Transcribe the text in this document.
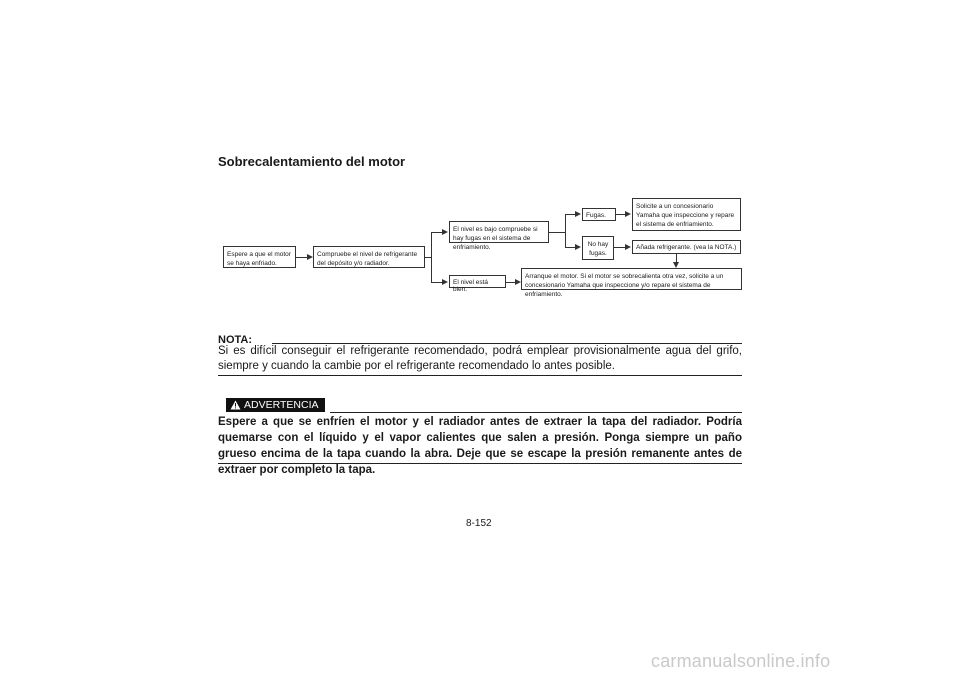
Sobrecalentamiento del motor
Espere a que el motor se haya enfriado.
Compruebe el nivel de refrigerante del depósito y/o radiador.
El nivel es bajo compruebe si hay fugas en el sistema de enfriamiento.
El nivel está bien.
Arranque el motor. Si el motor se sobrecalienta otra vez, solicite a un concesionario Yamaha que inspeccione y/o repare el sistema de enfriamiento.
Fugas.
No hay fugas.
Solicite a un concesionario Yamaha que inspeccione y repare el sistema de enfriamiento.
Añada refrigerante. (vea la NOTA.)
NOTA:
Si es difícil conseguir el refrigerante recomendado, podrá emplear provisionalmente agua del grifo, siempre y cuando la cambie por el refrigerante recomendado lo antes posible.
ADVERTENCIA
Espere a que se enfríen el motor y el radiador antes de extraer la tapa del radiador. Podría quemarse con el líquido y el vapor calientes que salen a presión. Ponga siempre un paño grueso encima de la tapa cuando la abra. Deje que se escape la presión remanente antes de extraer por completo la tapa.
8-152
carmanualsonline.info
